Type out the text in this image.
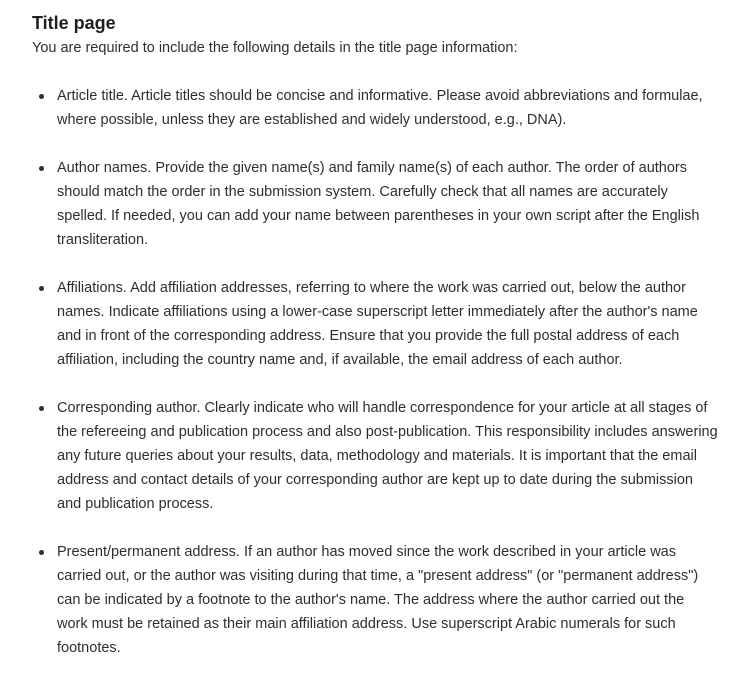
Title page

You are required to include the following details in the title page information:

Article title. Article titles should be concise and informative. Please avoid abbreviations and formulae, where possible, unless they are established and widely understood, e.g., DNA).
Author names. Provide the given name(s) and family name(s) of each author. The order of authors should match the order in the submission system. Carefully check that all names are accurately spelled. If needed, you can add your name between parentheses in your own script after the English transliteration.
Affiliations. Add affiliation addresses, referring to where the work was carried out, below the author names. Indicate affiliations using a lower-case superscript letter immediately after the author's name and in front of the corresponding address. Ensure that you provide the full postal address of each affiliation, including the country name and, if available, the email address of each author.
Corresponding author. Clearly indicate who will handle correspondence for your article at all stages of the refereeing and publication process and also post-publication. This responsibility includes answering any future queries about your results, data, methodology and materials. It is important that the email address and contact details of your corresponding author are kept up to date during the submission and publication process.
Present/permanent address. If an author has moved since the work described in your article was carried out, or the author was visiting during that time, a "present address" (or "permanent address") can be indicated by a footnote to the author's name. The address where the author carried out the work must be retained as their main affiliation address. Use superscript Arabic numerals for such footnotes.
